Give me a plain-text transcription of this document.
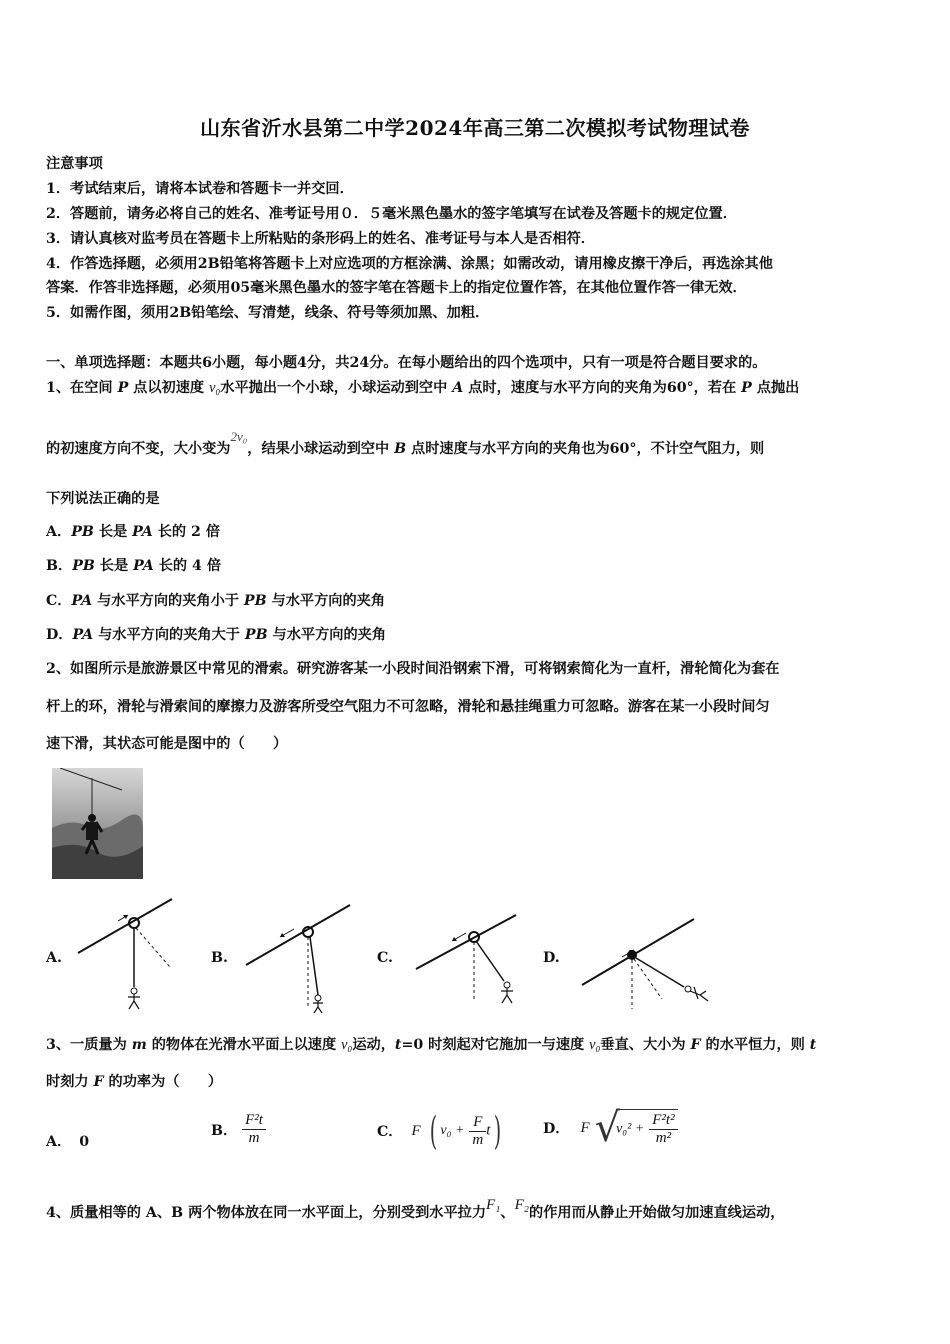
山东省沂水县第二中学2024年高三第二次模拟考试物理试卷
注意事项
1．考试结束后，请将本试卷和答题卡一并交回．
2．答题前，请务必将自己的姓名、准考证号用０．５毫米黑色墨水的签字笔填写在试卷及答题卡的规定位置．
3．请认真核对监考员在答题卡上所粘贴的条形码上的姓名、准考证号与本人是否相符．
4．作答选择题，必须用2B铅笔将答题卡上对应选项的方框涂满、涂黑；如需改动，请用橡皮擦干净后，再选涂其他
答案．作答非选择题，必须用05毫米黑色墨水的签字笔在答题卡上的指定位置作答，在其他位置作答一律无效．
5．如需作图，须用2B铅笔绘、写清楚，线条、符号等须加黑、加粗．
一、单项选择题：本题共6小题，每小题4分，共24分。在每小题给出的四个选项中，只有一项是符合题目要求的。
1、在空间 P 点以初速度 v₀水平抛出一个小球，小球运动到空中 A 点时，速度与水平方向的夹角为60°，若在 P 点抛出
的初速度方向不变，大小变为2v₀，结果小球运动到空中 B 点时速度与水平方向的夹角也为60°，不计空气阻力，则
下列说法正确的是
A．PB 长是 PA 长的 2 倍
B．PB 长是 PA 长的 4 倍
C．PA 与水平方向的夹角小于 PB 与水平方向的夹角
D．PA 与水平方向的夹角大于 PB 与水平方向的夹角
2、如图所示是旅游景区中常见的滑索。研究游客某一小段时间沿钢索下滑，可将钢索简化为一直杆，滑轮简化为套在
杆上的环，滑轮与滑索间的摩擦力及游客所受空气阻力不可忽略，滑轮和悬挂绳重力可忽略。游客在某一小段时间匀
速下滑，其状态可能是图中的（　　）
A.	B.	C.	D.
3、一质量为 m 的物体在光滑水平面上以速度 v₀运动，t=0 时刻起对它施加一与速度 v₀垂直、大小为 F 的水平恒力，则 t
时刻力 F 的功率为（　　）
A． 0
B． $\frac{\text{F²t}}{m}$	C． F ( $v_0 + \frac{F}{m} t$)	D． F $√v_0^2 + \frac{\text{F²t²}}{\text{m²}}$
4、质量相等的 A、B 两个物体放在同一水平面上，分别受到水平拉力F₁、F₂的作用而从静止开始做匀加速直线运动，
